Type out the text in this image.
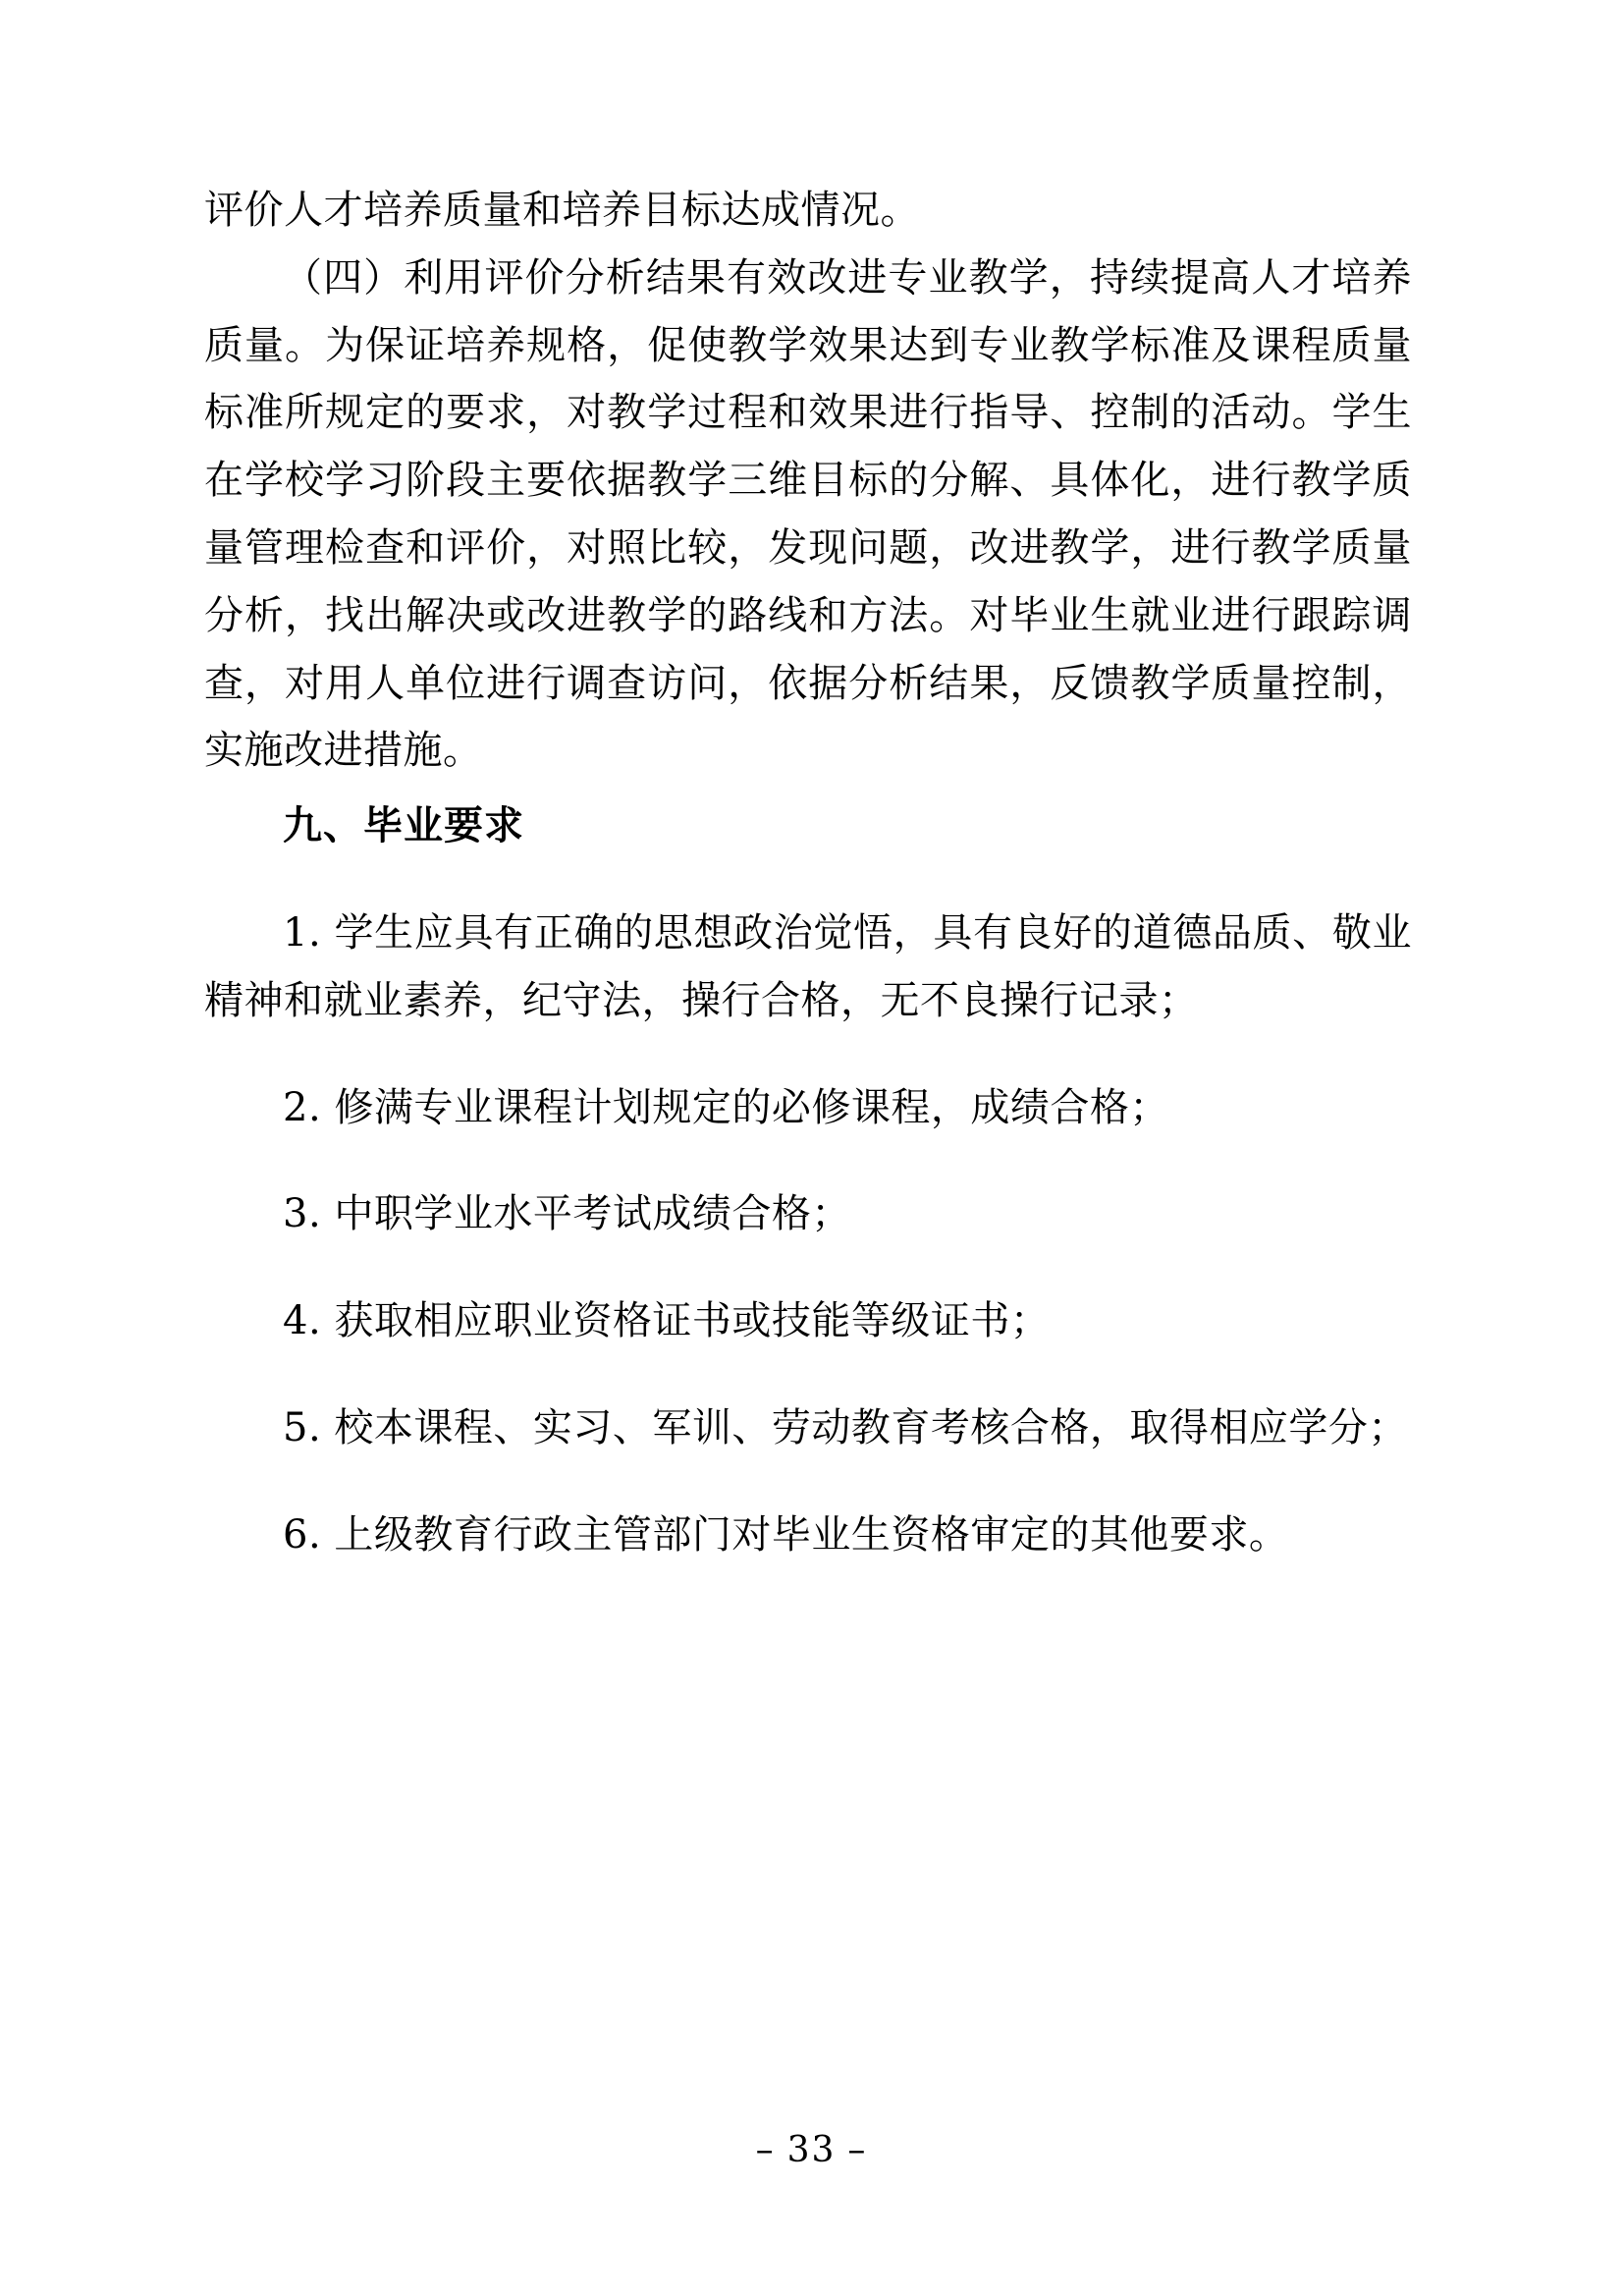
评价人才培养质量和培养目标达成情况。

（四）利用评价分析结果有效改进专业教学，持续提高人才培养质量。为保证培养规格，促使教学效果达到专业教学标准及课程质量标准所规定的要求，对教学过程和效果进行指导、控制的活动。学生在学校学习阶段主要依据教学三维目标的分解、具体化，进行教学质量管理检查和评价，对照比较，发现问题，改进教学，进行教学质量分析，找出解决或改进教学的路线和方法。对毕业生就业进行跟踪调查，对用人单位进行调查访问，依据分析结果，反馈教学质量控制，实施改进措施。

九、毕业要求

1. 学生应具有正确的思想政治觉悟，具有良好的道德品质、敬业精神和就业素养，纪守法，操行合格，无不良操行记录；

2. 修满专业课程计划规定的必修课程，成绩合格；

3. 中职学业水平考试成绩合格；

4. 获取相应职业资格证书或技能等级证书；

5. 校本课程、实习、军训、劳动教育考核合格，取得相应学分；

6. 上级教育行政主管部门对毕业生资格审定的其他要求。

– 33 –
